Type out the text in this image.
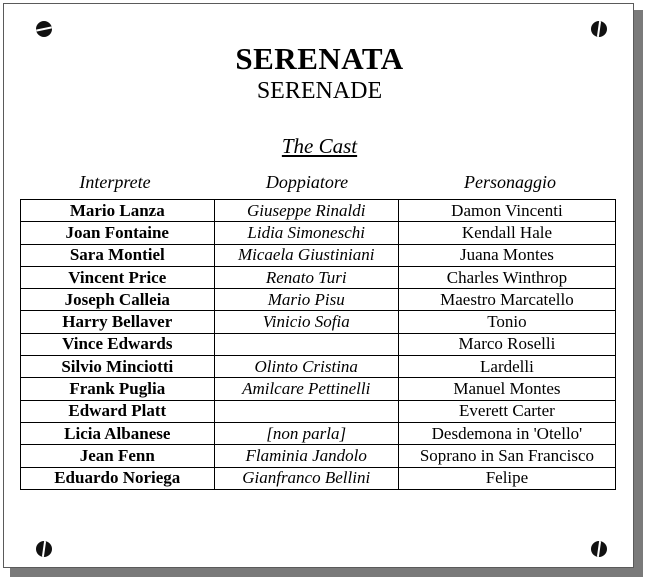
SERENATA
SERENADE
The Cast
Interprete	Doppiatore	Personaggio
Mario Lanza	Giuseppe Rinaldi	Damon Vincenti
Joan Fontaine	Lidia Simoneschi	Kendall Hale
Sara Montiel	Micaela Giustiniani	Juana Montes
Vincent Price	Renato Turi	Charles Winthrop
Joseph Calleia	Mario Pisu	Maestro Marcatello
Harry Bellaver	Vinicio Sofia	Tonio
Vince Edwards		Marco Roselli
Silvio Minciotti	Olinto Cristina	Lardelli
Frank Puglia	Amilcare Pettinelli	Manuel Montes
Edward Platt		Everett Carter
Licia Albanese	[non parla]	Desdemona in 'Otello'
Jean Fenn	Flaminia Jandolo	Soprano in San Francisco
Eduardo Noriega	Gianfranco Bellini	Felipe
